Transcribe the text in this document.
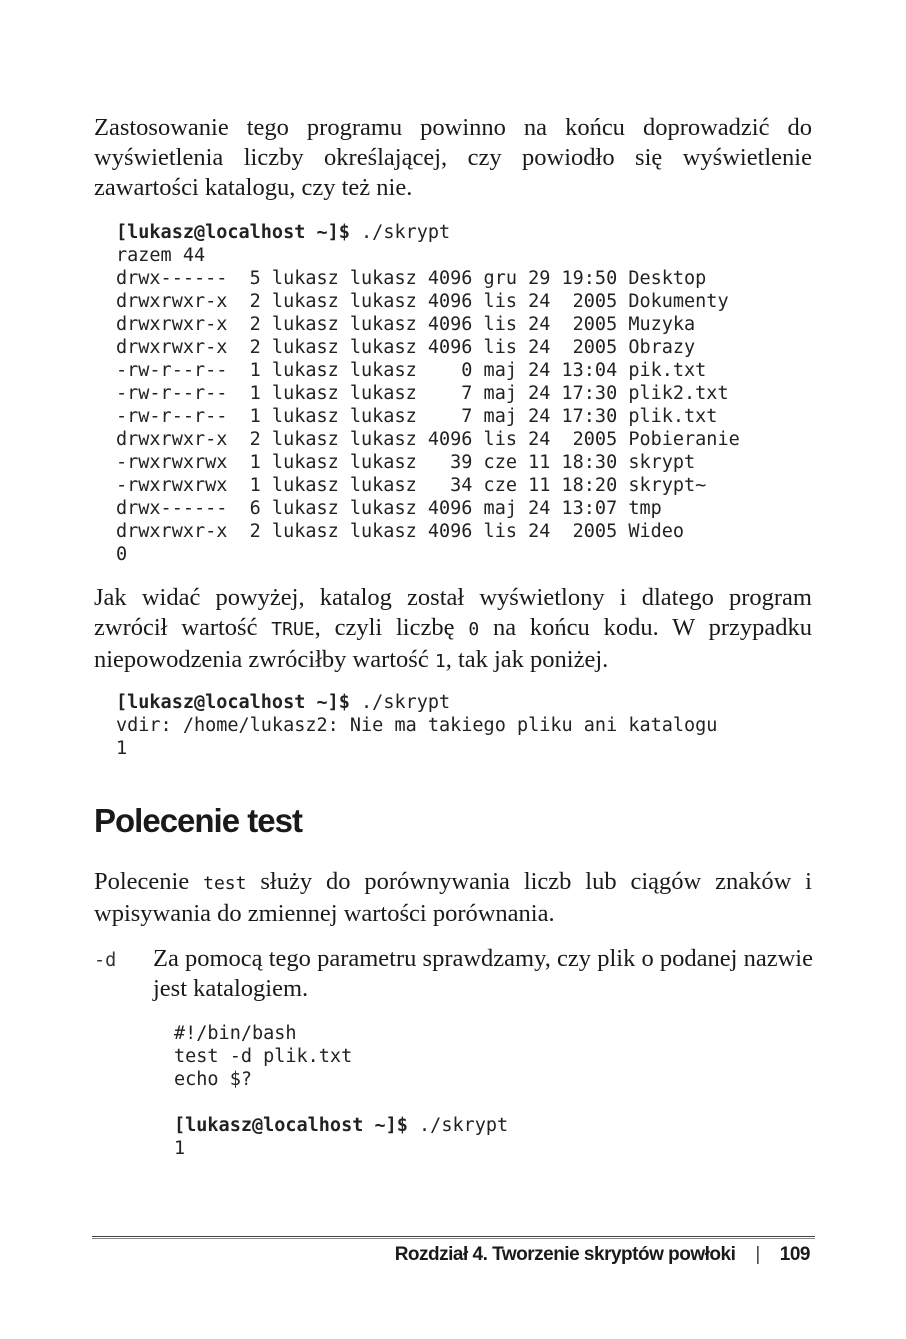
Zastosowanie tego programu powinno na końcu doprowadzić do wyświetlenia liczby określającej, czy powiodło się wyświetlenie zawartości katalogu, czy też nie.

[lukasz@localhost ~]$ ./skrypt
razem 44
drwx------  5 lukasz lukasz 4096 gru 29 19:50 Desktop
drwxrwxr-x  2 lukasz lukasz 4096 lis 24  2005 Dokumenty
drwxrwxr-x  2 lukasz lukasz 4096 lis 24  2005 Muzyka
drwxrwxr-x  2 lukasz lukasz 4096 lis 24  2005 Obrazy
-rw-r--r--  1 lukasz lukasz    0 maj 24 13:04 pik.txt
-rw-r--r--  1 lukasz lukasz    7 maj 24 17:30 plik2.txt
-rw-r--r--  1 lukasz lukasz    7 maj 24 17:30 plik.txt
drwxrwxr-x  2 lukasz lukasz 4096 lis 24  2005 Pobieranie
-rwxrwxrwx  1 lukasz lukasz   39 cze 11 18:30 skrypt
-rwxrwxrwx  1 lukasz lukasz   34 cze 11 18:20 skrypt~
drwx------  6 lukasz lukasz 4096 maj 24 13:07 tmp
drwxrwxr-x  2 lukasz lukasz 4096 lis 24  2005 Wideo
0

Jak widać powyżej, katalog został wyświetlony i dlatego program zwrócił wartość TRUE, czyli liczbę 0 na końcu kodu. W przypadku niepowodzenia zwróciłby wartość 1, tak jak poniżej.

[lukasz@localhost ~]$ ./skrypt
vdir: /home/lukasz2: Nie ma takiego pliku ani katalogu
1
Polecenie test

Polecenie test służy do porównywania liczb lub ciągów znaków i wpisywania do zmiennej wartości porównania.

-d Za pomocą tego parametru sprawdzamy, czy plik o podanej nazwie jest katalogiem.

#!/bin/bash
test -d plik.txt
echo $?

[lukasz@localhost ~]$ ./skrypt
1
Rozdział 4. Tworzenie skryptów powłoki | 109
